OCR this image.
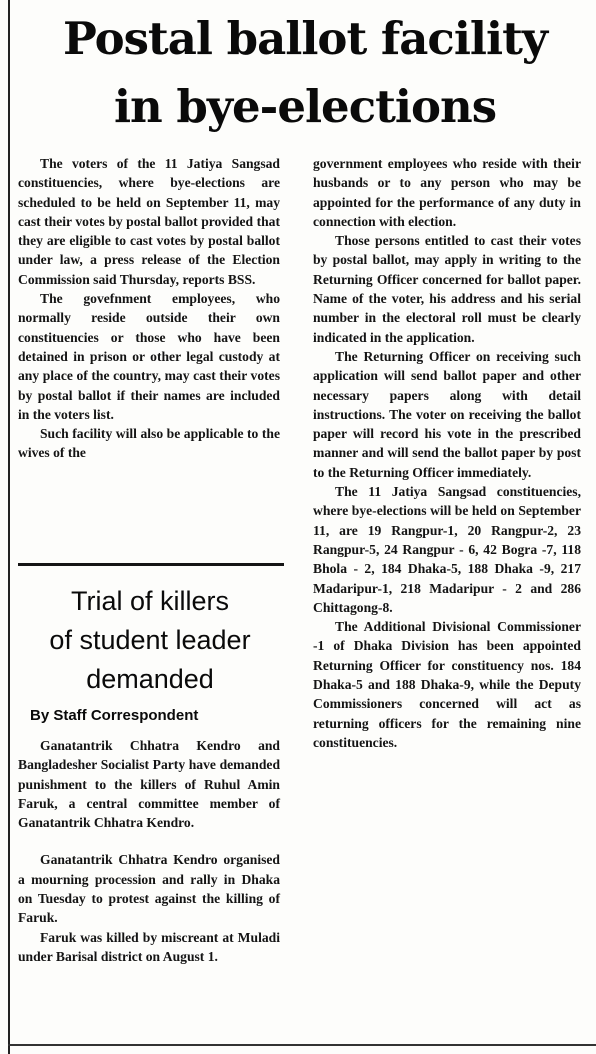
Postal ballot facility
in bye-elections

The voters of the 11 Jatiya Sangsad constituencies, where bye-elections are scheduled to be held on September 11, may cast their votes by postal ballot provided that they are eligible to cast votes by postal ballot under law, a press release of the Election Commission said Thursday, reports BSS.

The govefnment employees, who normally reside outside their own constituencies or those who have been detained in prison or other legal custody at any place of the country, may cast their votes by postal ballot if their names are included in the voters list.

Such facility will also be applicable to the wives of the

government employees who reside with their husbands or to any person who may be appointed for the performance of any duty in connection with election.

Those persons entitled to cast their votes by postal ballot, may apply in writing to the Returning Officer concerned for ballot paper. Name of the voter, his address and his serial number in the electoral roll must be clearly indicated in the application.

The Returning Officer on receiving such application will send ballot paper and other necessary papers along with detail instructions. The voter on receiving the ballot paper will record his vote in the prescribed manner and will send the ballot paper by post to the Returning Officer immediately.

The 11 Jatiya Sangsad constituencies, where bye-elections will be held on September 11, are 19 Rangpur-1, 20 Rangpur-2, 23 Rangpur-5, 24 Rangpur - 6, 42 Bogra -7, 118 Bhola - 2, 184 Dhaka-5, 188 Dhaka -9, 217 Madaripur-1, 218 Madaripur - 2 and 286 Chittagong-8.

The Additional Divisional Commissioner -1 of Dhaka Division has been appointed Returning Officer for constituency nos. 184 Dhaka-5 and 188 Dhaka-9, while the Deputy Commissioners concerned will act as returning officers for the remaining nine constituencies.

Trial of killers
of student leader
demanded
By Staff Correspondent

Ganatantrik Chhatra Kendro and Bangladesher Socialist Party have demanded punishment to the killers of Ruhul Amin Faruk, a central committee member of Ganatantrik Chhatra Kendro.

Ganatantrik Chhatra Kendro organised a mourning procession and rally in Dhaka on Tuesday to protest against the killing of Faruk.

Faruk was killed by miscreant at Muladi under Barisal district on August 1.
